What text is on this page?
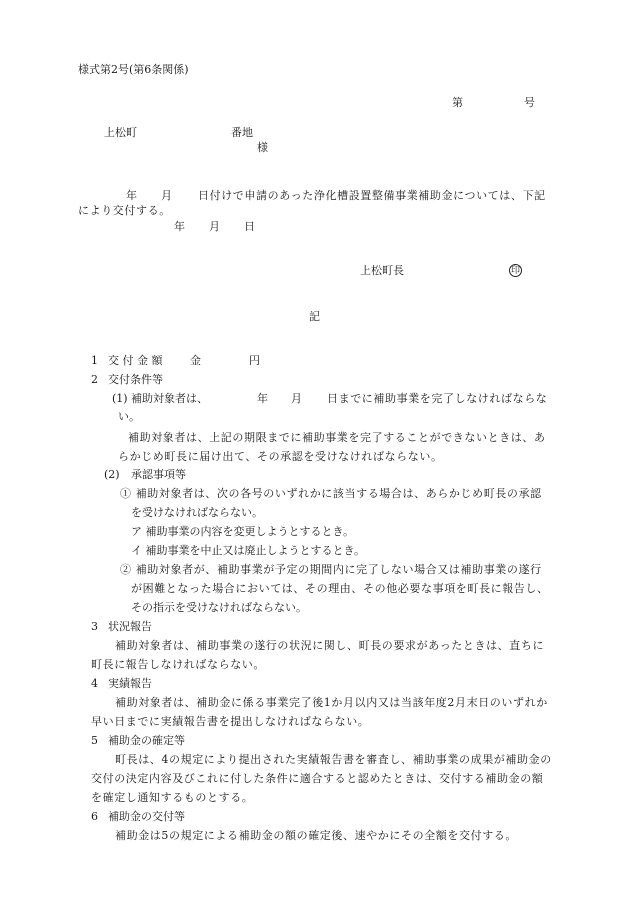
様式第2号(第6条関係)
第	号
上松町	番地
様
年 月 日付けで申請のあった浄化槽設置整備事業補助金については、下記
により交付する。
年 月 日
上松町長	印
記
1 交 付 金 額	金	円
2 交付条件等
(1) 補助対象者は、	年 月 日までに補助事業を完了しなければならな
い。
補助対象者は、上記の期限までに補助事業を完了することができないときは、あ
らかじめ町長に届け出て、その承認を受けなければならない。
(2) 承認事項等
① 補助対象者は、次の各号のいずれかに該当する場合は、あらかじめ町長の承認
を受けなければならない。
ア 補助事業の内容を変更しようとするとき。
イ 補助事業を中止又は廃止しようとするとき。
② 補助対象者が、補助事業が予定の期間内に完了しない場合又は補助事業の遂行
が困難となった場合においては、その理由、その他必要な事項を町長に報告し、
その指示を受けなければならない。
3 状況報告
補助対象者は、補助事業の遂行の状況に関し、町長の要求があったときは、直ちに
町長に報告しなければならない。
4 実績報告
補助対象者は、補助金に係る事業完了後1か月以内又は当該年度2月末日のいずれか
早い日までに実績報告書を提出しなければならない。
5 補助金の確定等
町長は、4の規定により提出された実績報告書を審査し、補助事業の成果が補助金の
交付の決定内容及びこれに付した条件に適合すると認めたときは、交付する補助金の額
を確定し通知するものとする。
6 補助金の交付等
補助金は5の規定による補助金の額の確定後、速やかにその全額を交付する。
